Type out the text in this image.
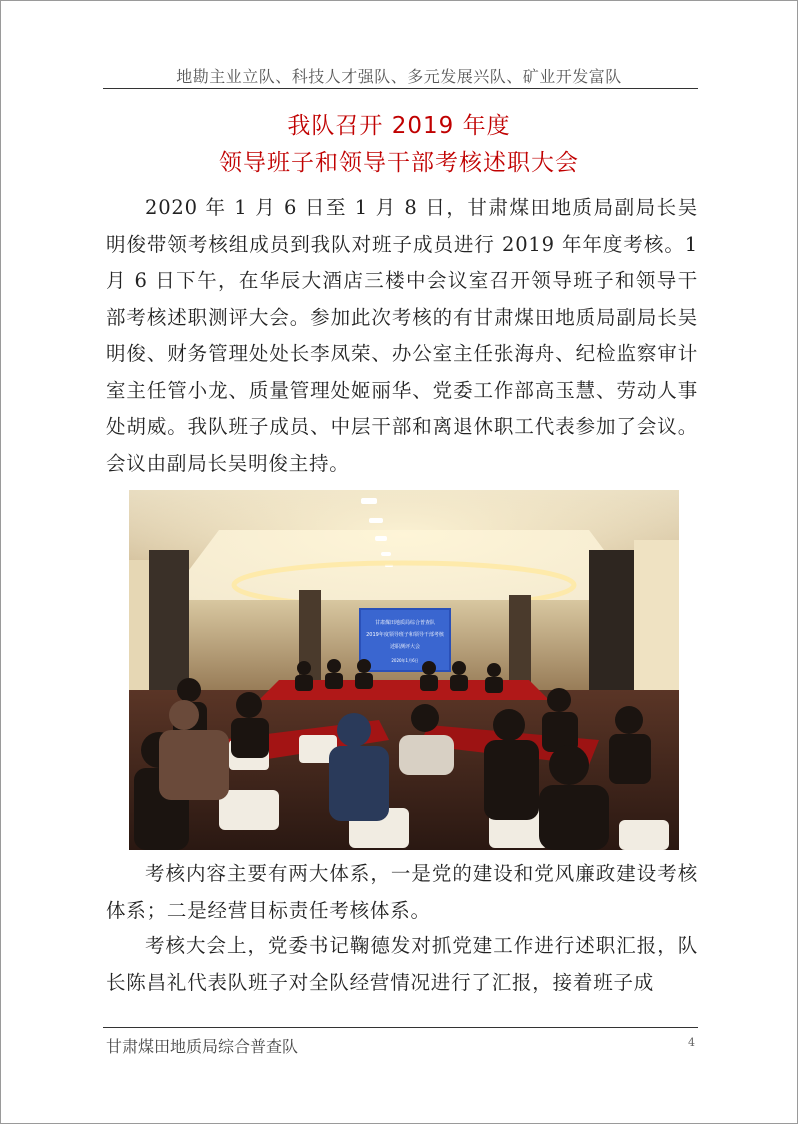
地勘主业立队、科技人才强队、多元发展兴队、矿业开发富队
我队召开 2019 年度
领导班子和领导干部考核述职大会

2020 年 1 月 6 日至 1 月 8 日，甘肃煤田地质局副局长吴明俊带领考核组成员到我队对班子成员进行 2019 年年度考核。1 月 6 日下午，在华辰大酒店三楼中会议室召开领导班子和领导干部考核述职测评大会。参加此次考核的有甘肃煤田地质局副局长吴明俊、财务管理处处长李凤荣、办公室主任张海舟、纪检监察审计室主任管小龙、质量管理处姬丽华、党委工作部高玉慧、劳动人事处胡威。我队班子成员、中层干部和离退休职工代表参加了会议。会议由副局长吴明俊主持。

甘肃煤田地质局综合普查队
2019年度领导班子和领导干部考核
述职测评大会
2020年1月6日

考核内容主要有两大体系，一是党的建设和党风廉政建设考核体系；二是经营目标责任考核体系。

考核大会上，党委书记鞠德发对抓党建工作进行述职汇报，队长陈昌礼代表队班子对全队经营情况进行了汇报，接着班子成

甘肃煤田地质局综合普查队	4
